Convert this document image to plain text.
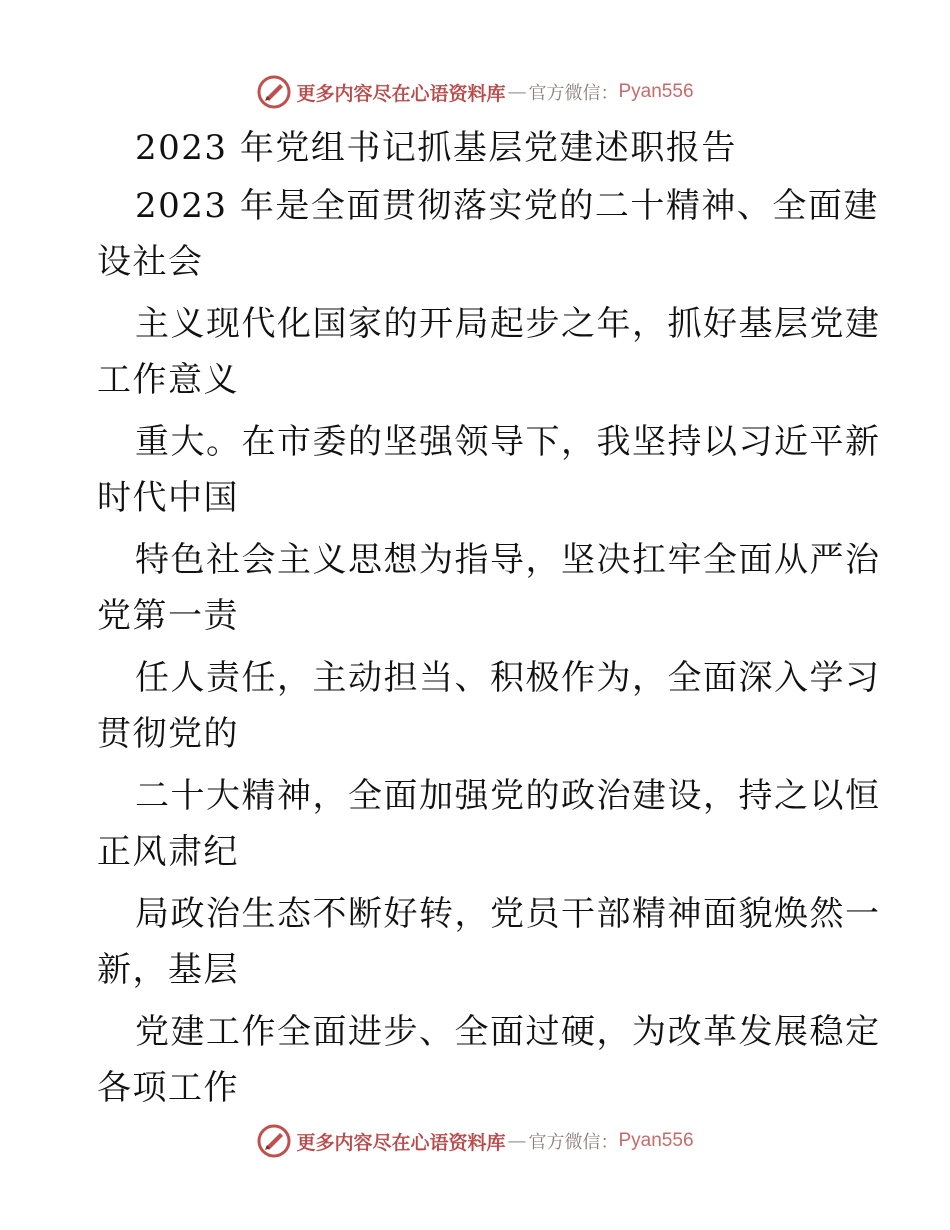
更多内容尽在心语资料库 — 官方微信： Pyan556
2023 年党组书记抓基层党建述职报告
2023 年是全面贯彻落实党的二十精神、全面建
设社会
主义现代化国家的开局起步之年，抓好基层党建
工作意义
重大。在市委的坚强领导下，我坚持以习近平新
时代中国
特色社会主义思想为指导，坚决扛牢全面从严治
党第一责
任人责任，主动担当、积极作为，全面深入学习
贯彻党的
二十大精神，全面加强党的政治建设，持之以恒
正风肃纪
局政治生态不断好转，党员干部精神面貌焕然一
新，基层
党建工作全面进步、全面过硬，为改革发展稳定
各项工作
更多内容尽在心语资料库 — 官方微信： Pyan556
